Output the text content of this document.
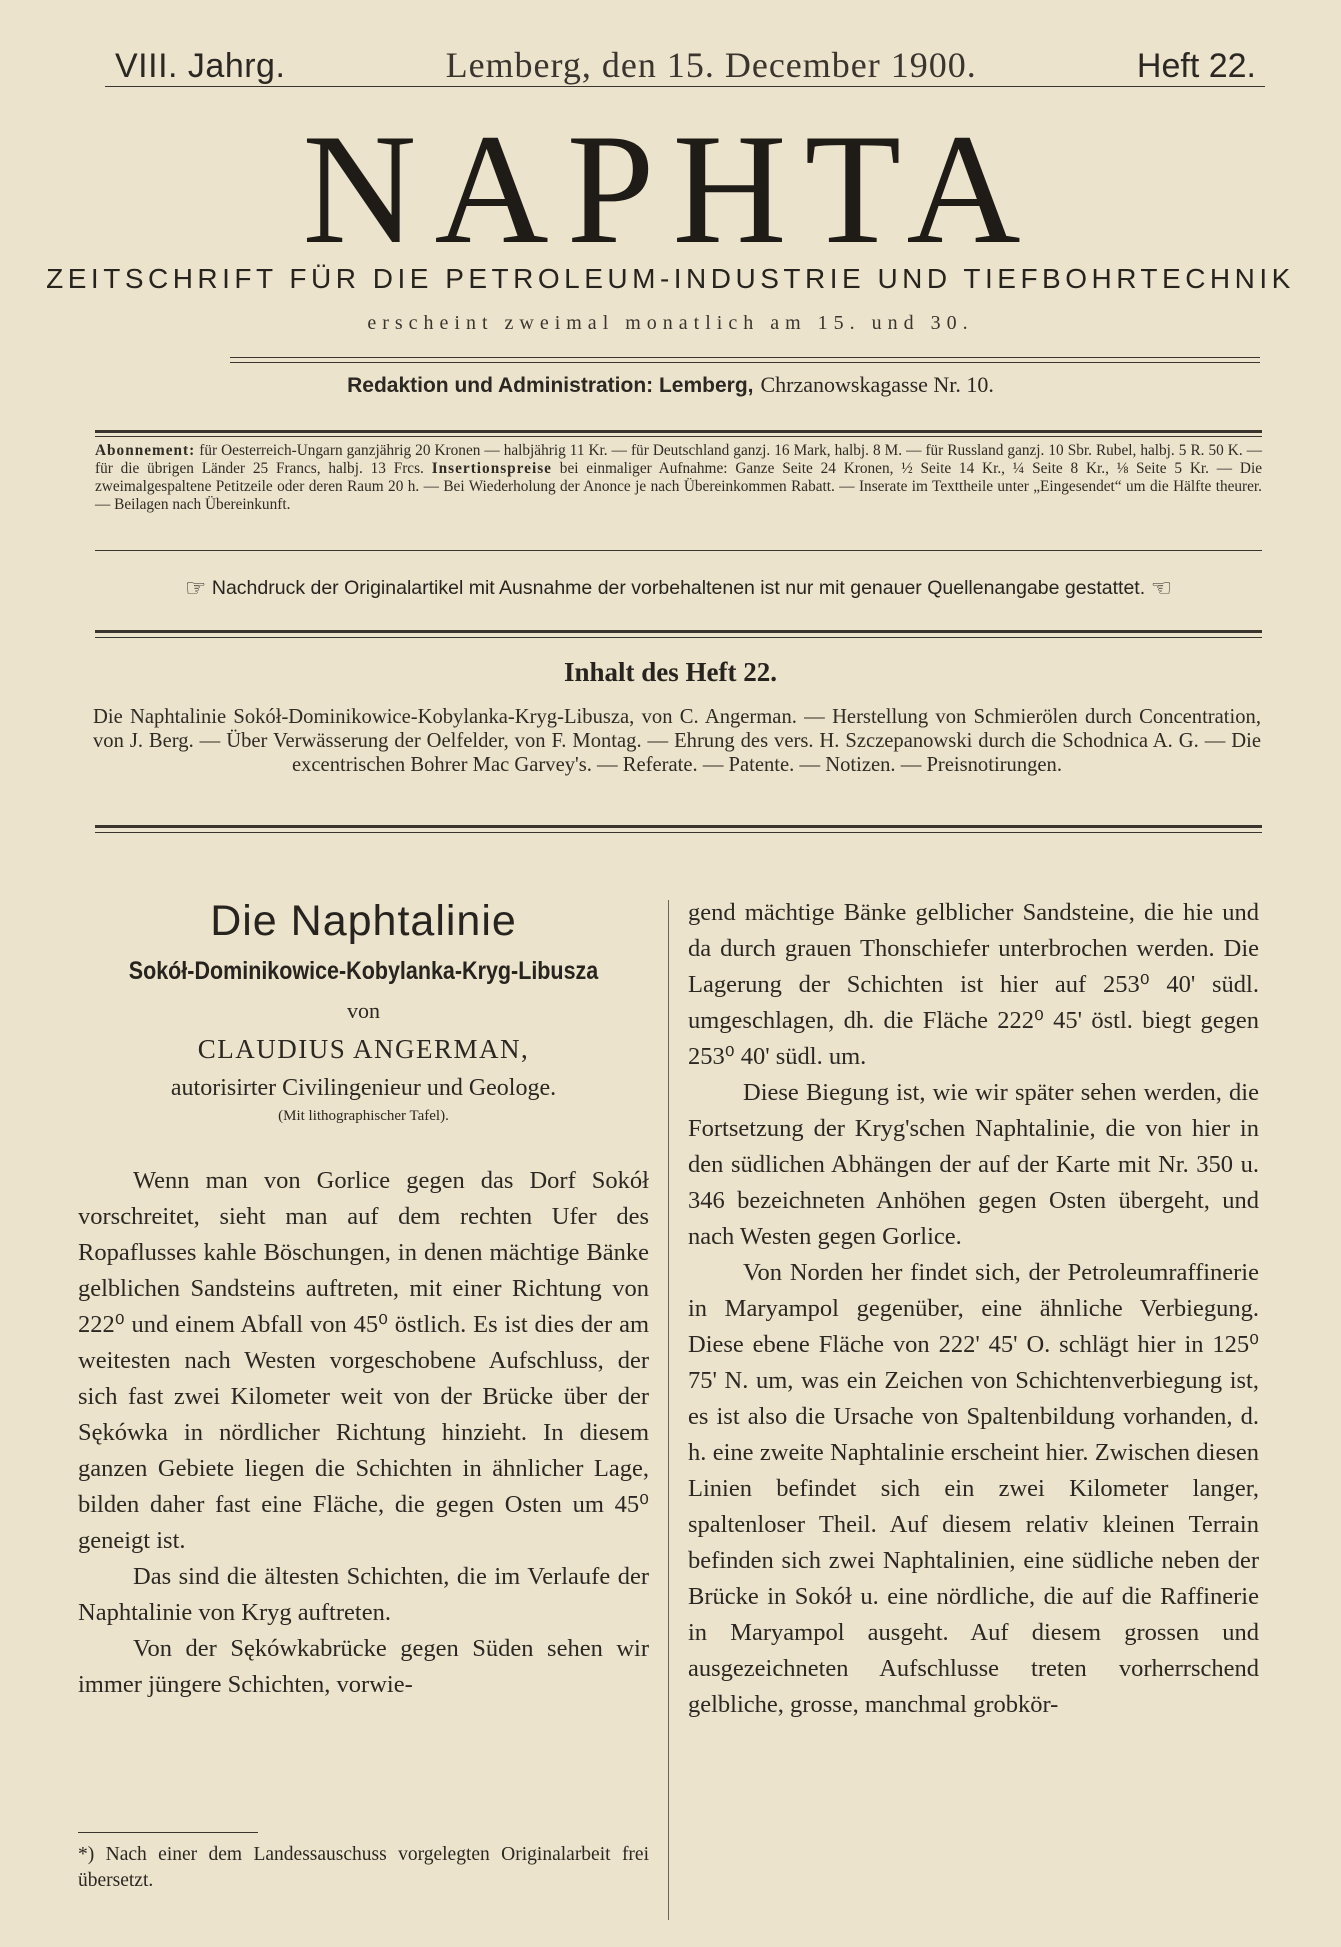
VIII. Jahrg.	Lemberg, den 15. December 1900.	Heft 22.
NAPHTA
ZEITSCHRIFT FÜR DIE PETROLEUM-INDUSTRIE UND TIEFBOHRTECHNIK
erscheint zweimal monatlich am 15. und 30.
Redaktion und Administration: Lemberg, Chrzanowskagasse Nr. 10.
Abonnement: für Oesterreich-Ungarn ganzjährig 20 Kronen — halbjährig 11 Kr. — für Deutschland ganzj. 16 Mark, halbj. 8 M. — für Russland ganzj. 10 Sbr. Rubel, halbj. 5 R. 50 K. — für die übrigen Länder 25 Francs, halbj. 13 Frcs. Insertionspreise bei einmaliger Aufnahme: Ganze Seite 24 Kronen, ½ Seite 14 Kr., ¼ Seite 8 Kr., ⅛ Seite 5 Kr. — Die zweimalgespaltene Petitzeile oder deren Raum 20 h. — Bei Wiederholung der Anonce je nach Übereinkommen Rabatt. — Inserate im Texttheile unter „Eingesendet“ um die Hälfte theurer. — Beilagen nach Übereinkunft.
☞ Nachdruck der Originalartikel mit Ausnahme der vorbehaltenen ist nur mit genauer Quellenangabe gestattet. ☜
Inhalt des Heft 22.
Die Naphtalinie Sokół-Dominikowice-Kobylanka-Kryg-Libusza, von C. Angerman. — Herstellung von Schmierölen durch Concentration, von J. Berg. — Über Verwässerung der Oelfelder, von F. Montag. — Ehrung des vers. H. Szczepanowski durch die Schodnica A. G. — Die excentrischen Bohrer Mac Garvey's. — Referate. — Patente. — Notizen. — Preisnotirungen.
Die Naphtalinie
Sokół-Dominikowice-Kobylanka-Kryg-Libusza
von
CLAUDIUS ANGERMAN,
autorisirter Civilingenieur und Geologe.
(Mit lithographischer Tafel).

Wenn man von Gorlice gegen das Dorf Sokół vorschreitet, sieht man auf dem rechten Ufer des Ropaflusses kahle Böschungen, in denen mächtige Bänke gelblichen Sandsteins auftreten, mit einer Richtung von 222⁰ und einem Abfall von 45⁰ östlich. Es ist dies der am weitesten nach Westen vorgeschobene Aufschluss, der sich fast zwei Kilometer weit von der Brücke über der Sękówka in nördlicher Richtung hinzieht. In diesem ganzen Gebiete liegen die Schichten in ähnlicher Lage, bilden daher fast eine Fläche, die gegen Osten um 45⁰ geneigt ist.

Das sind die ältesten Schichten, die im Verlaufe der Naphtalinie von Kryg auftreten.

Von der Sękówkabrücke gegen Süden sehen wir immer jüngere Schichten, vorwie-

gend mächtige Bänke gelblicher Sandsteine, die hie und da durch grauen Thonschiefer unterbrochen werden. Die Lagerung der Schichten ist hier auf 253⁰ 40' südl. umgeschlagen, dh. die Fläche 222⁰ 45' östl. biegt gegen 253⁰ 40' südl. um.

Diese Biegung ist, wie wir später sehen werden, die Fortsetzung der Kryg'schen Naphtalinie, die von hier in den südlichen Abhängen der auf der Karte mit Nr. 350 u. 346 bezeichneten Anhöhen gegen Osten übergeht, und nach Westen gegen Gorlice.

Von Norden her findet sich, der Petroleumraffinerie in Maryampol gegenüber, eine ähnliche Verbiegung. Diese ebene Fläche von 222' 45' O. schlägt hier in 125⁰ 75' N. um, was ein Zeichen von Schichtenverbiegung ist, es ist also die Ursache von Spaltenbildung vorhanden, d. h. eine zweite Naphtalinie erscheint hier. Zwischen diesen Linien befindet sich ein zwei Kilometer langer, spaltenloser Theil. Auf diesem relativ kleinen Terrain befinden sich zwei Naphtalinien, eine südliche neben der Brücke in Sokół u. eine nördliche, die auf die Raffinerie in Maryampol ausgeht. Auf diesem grossen und ausgezeichneten Aufschlusse treten vorherrschend gelbliche, grosse, manchmal grobkör-

*) Nach einer dem Landessauschuss vorgelegten Originalarbeit frei übersetzt.
